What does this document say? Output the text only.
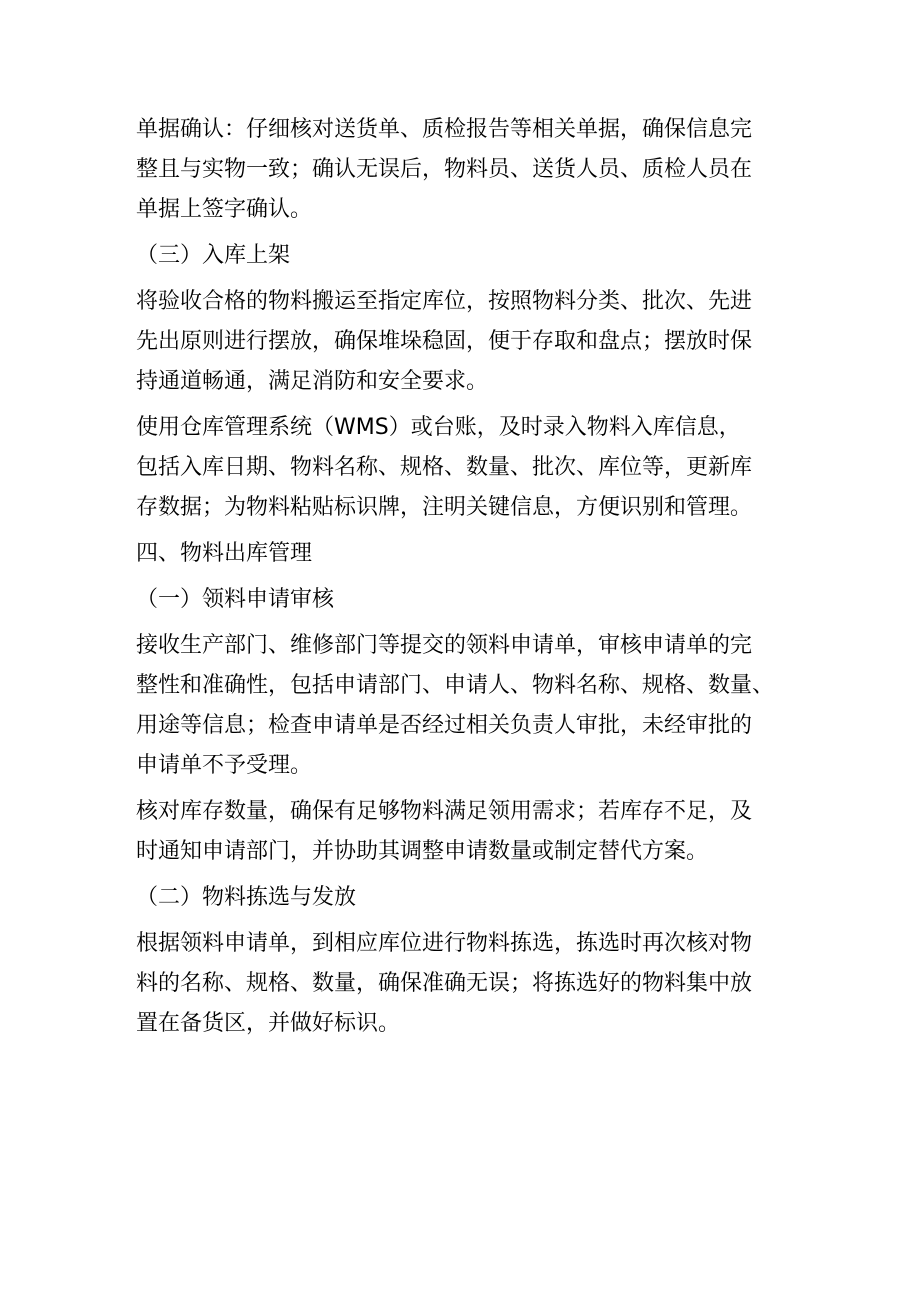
单据确认：仔细核对送货单、质检报告等相关单据，确保信息完
整且与实物一致；确认无误后，物料员、送货人员、质检人员在
单据上签字确认。
（三）入库上架
将验收合格的物料搬运至指定库位，按照物料分类、批次、先进
先出原则进行摆放，确保堆垛稳固，便于存取和盘点；摆放时保
持通道畅通，满足消防和安全要求。
使用仓库管理系统（WMS）或台账，及时录入物料入库信息，
包括入库日期、物料名称、规格、数量、批次、库位等，更新库
存数据；为物料粘贴标识牌，注明关键信息，方便识别和管理。
四、物料出库管理
（一）领料申请审核
接收生产部门、维修部门等提交的领料申请单，审核申请单的完
整性和准确性，包括申请部门、申请人、物料名称、规格、数量、
用途等信息；检查申请单是否经过相关负责人审批，未经审批的
申请单不予受理。
核对库存数量，确保有足够物料满足领用需求；若库存不足，及
时通知申请部门，并协助其调整申请数量或制定替代方案。
（二）物料拣选与发放
根据领料申请单，到相应库位进行物料拣选，拣选时再次核对物
料的名称、规格、数量，确保准确无误；将拣选好的物料集中放
置在备货区，并做好标识。
